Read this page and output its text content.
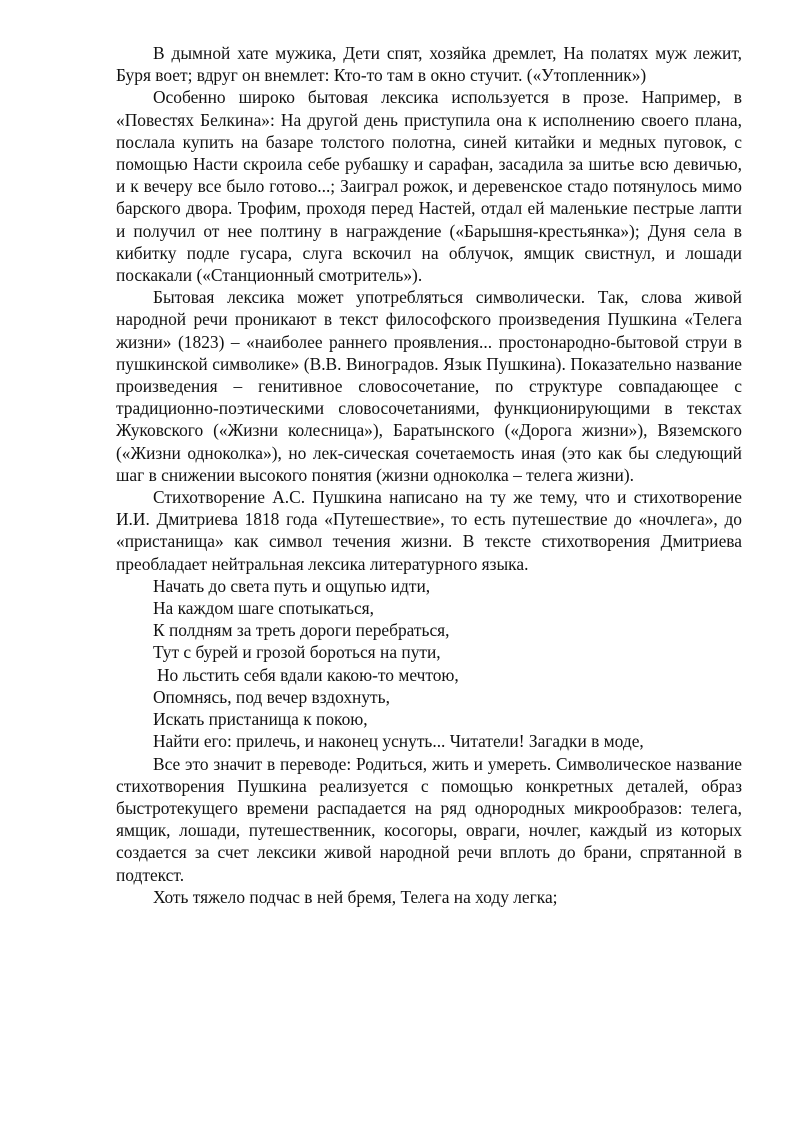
В дымной хате мужика, Дети спят, хозяйка дремлет, На полатях муж лежит, Буря воет; вдруг он внемлет: Кто-то там в окно стучит. («Утопленник»)

Особенно широко бытовая лексика используется в прозе. Например, в «Повестях Белкина»: На другой день приступила она к исполнению своего плана, послала купить на базаре толстого полотна, синей китайки и медных пуговок, с помощью Насти скроила себе рубашку и сарафан, засадила за шитье всю девичью, и к вечеру все было готово...; Заиграл рожок, и деревенское стадо потянулось мимо барского двора. Трофим, проходя перед Настей, отдал ей маленькие пестрые лапти и получил от нее полтину в награждение («Барышня-крестьянка»); Дуня села в кибитку подле гусара, слуга вскочил на облучок, ямщик свистнул, и лошади поскакали («Станционный смотритель»).

Бытовая лексика может употребляться символически. Так, слова живой народной речи проникают в текст философского произведения Пушкина «Телега жизни» (1823) – «наиболее раннего проявления... простонародно-бытовой струи в пушкинской символике» (В.В. Виноградов. Язык Пушкина). Показательно название произведения – генитивное словосочетание, по структуре совпадающее с традиционно-поэтическими словосочетаниями, функционирующими в текстах Жуковского («Жизни колесница»), Баратынского («Дорога жизни»), Вяземского («Жизни одноколка»), но лек-сическая сочетаемость иная (это как бы следующий шаг в снижении высокого понятия (жизни одноколка – телега жизни).

Стихотворение А.С. Пушкина написано на ту же тему, что и стихотворение И.И. Дмитриева 1818 года «Путешествие», то есть путешествие до «ночлега», до «пристанища» как символ течения жизни. В тексте стихотворения Дмитриева преобладает нейтральная лексика литературного языка.

Начать до света путь и ощупью идти,

На каждом шаге спотыкаться,

К полдням за треть дороги перебраться,

Тут с бурей и грозой бороться на пути,

Но льстить себя вдали какою-то мечтою,

Опомнясь, под вечер вздохнуть,

Искать пристанища к покою,

Найти его: прилечь, и наконец уснуть... Читатели! Загадки в моде,

Все это значит в переводе: Родиться, жить и умереть. Символическое название стихотворения Пушкина реализуется с помощью конкретных деталей, образ быстротекущего времени распадается на ряд однородных микрообразов: телега, ямщик, лошади, путешественник, косогоры, овраги, ночлег, каждый из которых создается за счет лексики живой народной речи вплоть до брани, спрятанной в подтекст.

Хоть тяжело подчас в ней бремя, Телега на ходу легка;
